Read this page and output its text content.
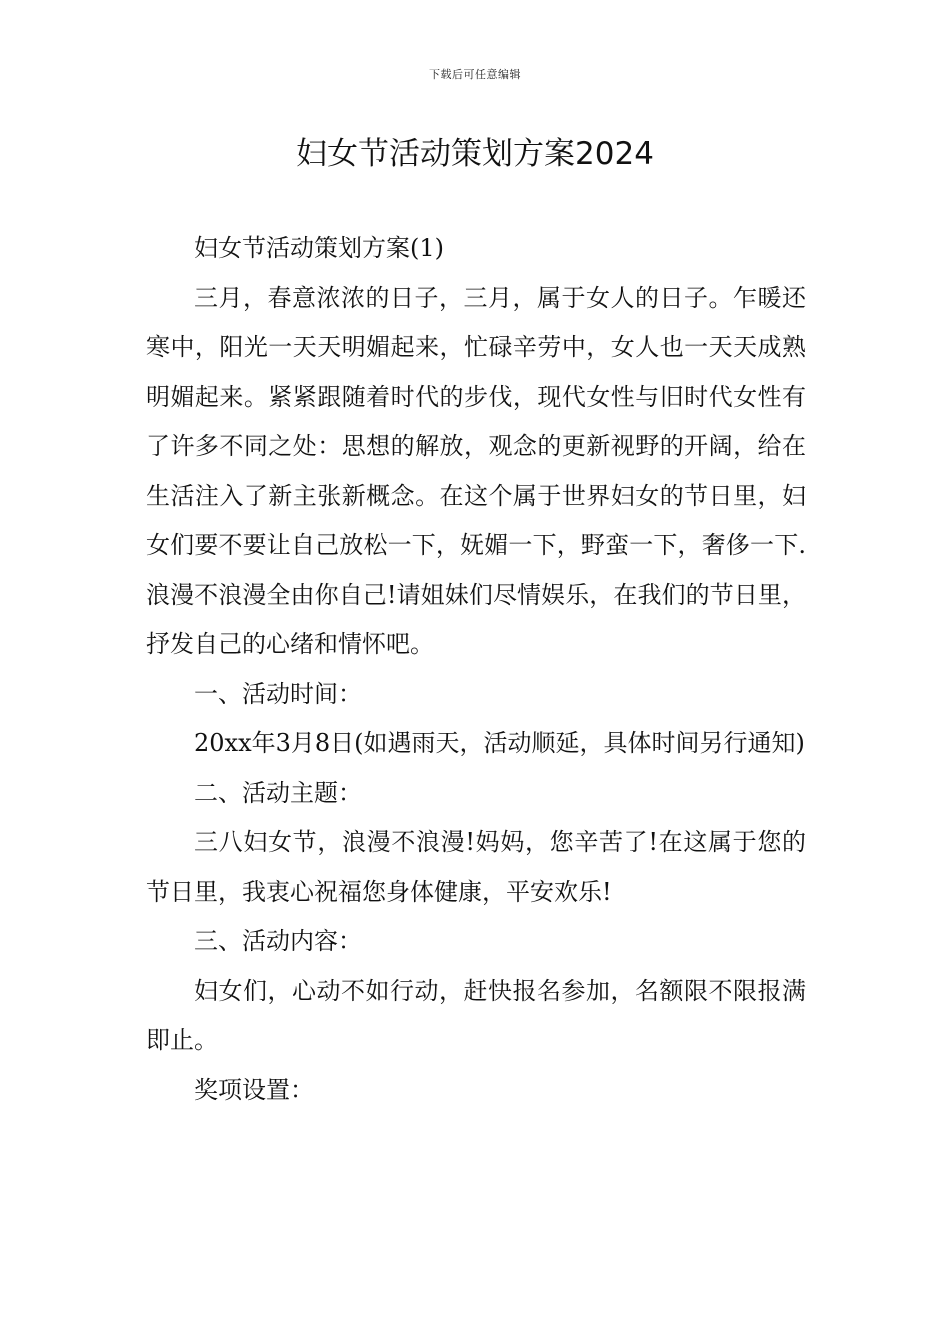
下载后可任意编辑
妇女节活动策划方案2024

妇女节活动策划方案(1)

三月，春意浓浓的日子，三月，属于女人的日子。乍暖还寒中，阳光一天天明媚起来，忙碌辛劳中，女人也一天天成熟明媚起来。紧紧跟随着时代的步伐，现代女性与旧时代女性有了许多不同之处：思想的解放，观念的更新视野的开阔，给在生活注入了新主张新概念。在这个属于世界妇女的节日里，妇女们要不要让自己放松一下，妩媚一下，野蛮一下，奢侈一下.浪漫不浪漫全由你自己!请姐妹们尽情娱乐，在我们的节日里，抒发自己的心绪和情怀吧。

一、活动时间：

20xx年3月8日(如遇雨天，活动顺延，具体时间另行通知)

二、活动主题：

三八妇女节，浪漫不浪漫!妈妈，您辛苦了!在这属于您的节日里，我衷心祝福您身体健康，平安欢乐!

三、活动内容：

妇女们，心动不如行动，赶快报名参加，名额限不限报满即止。

奖项设置：
